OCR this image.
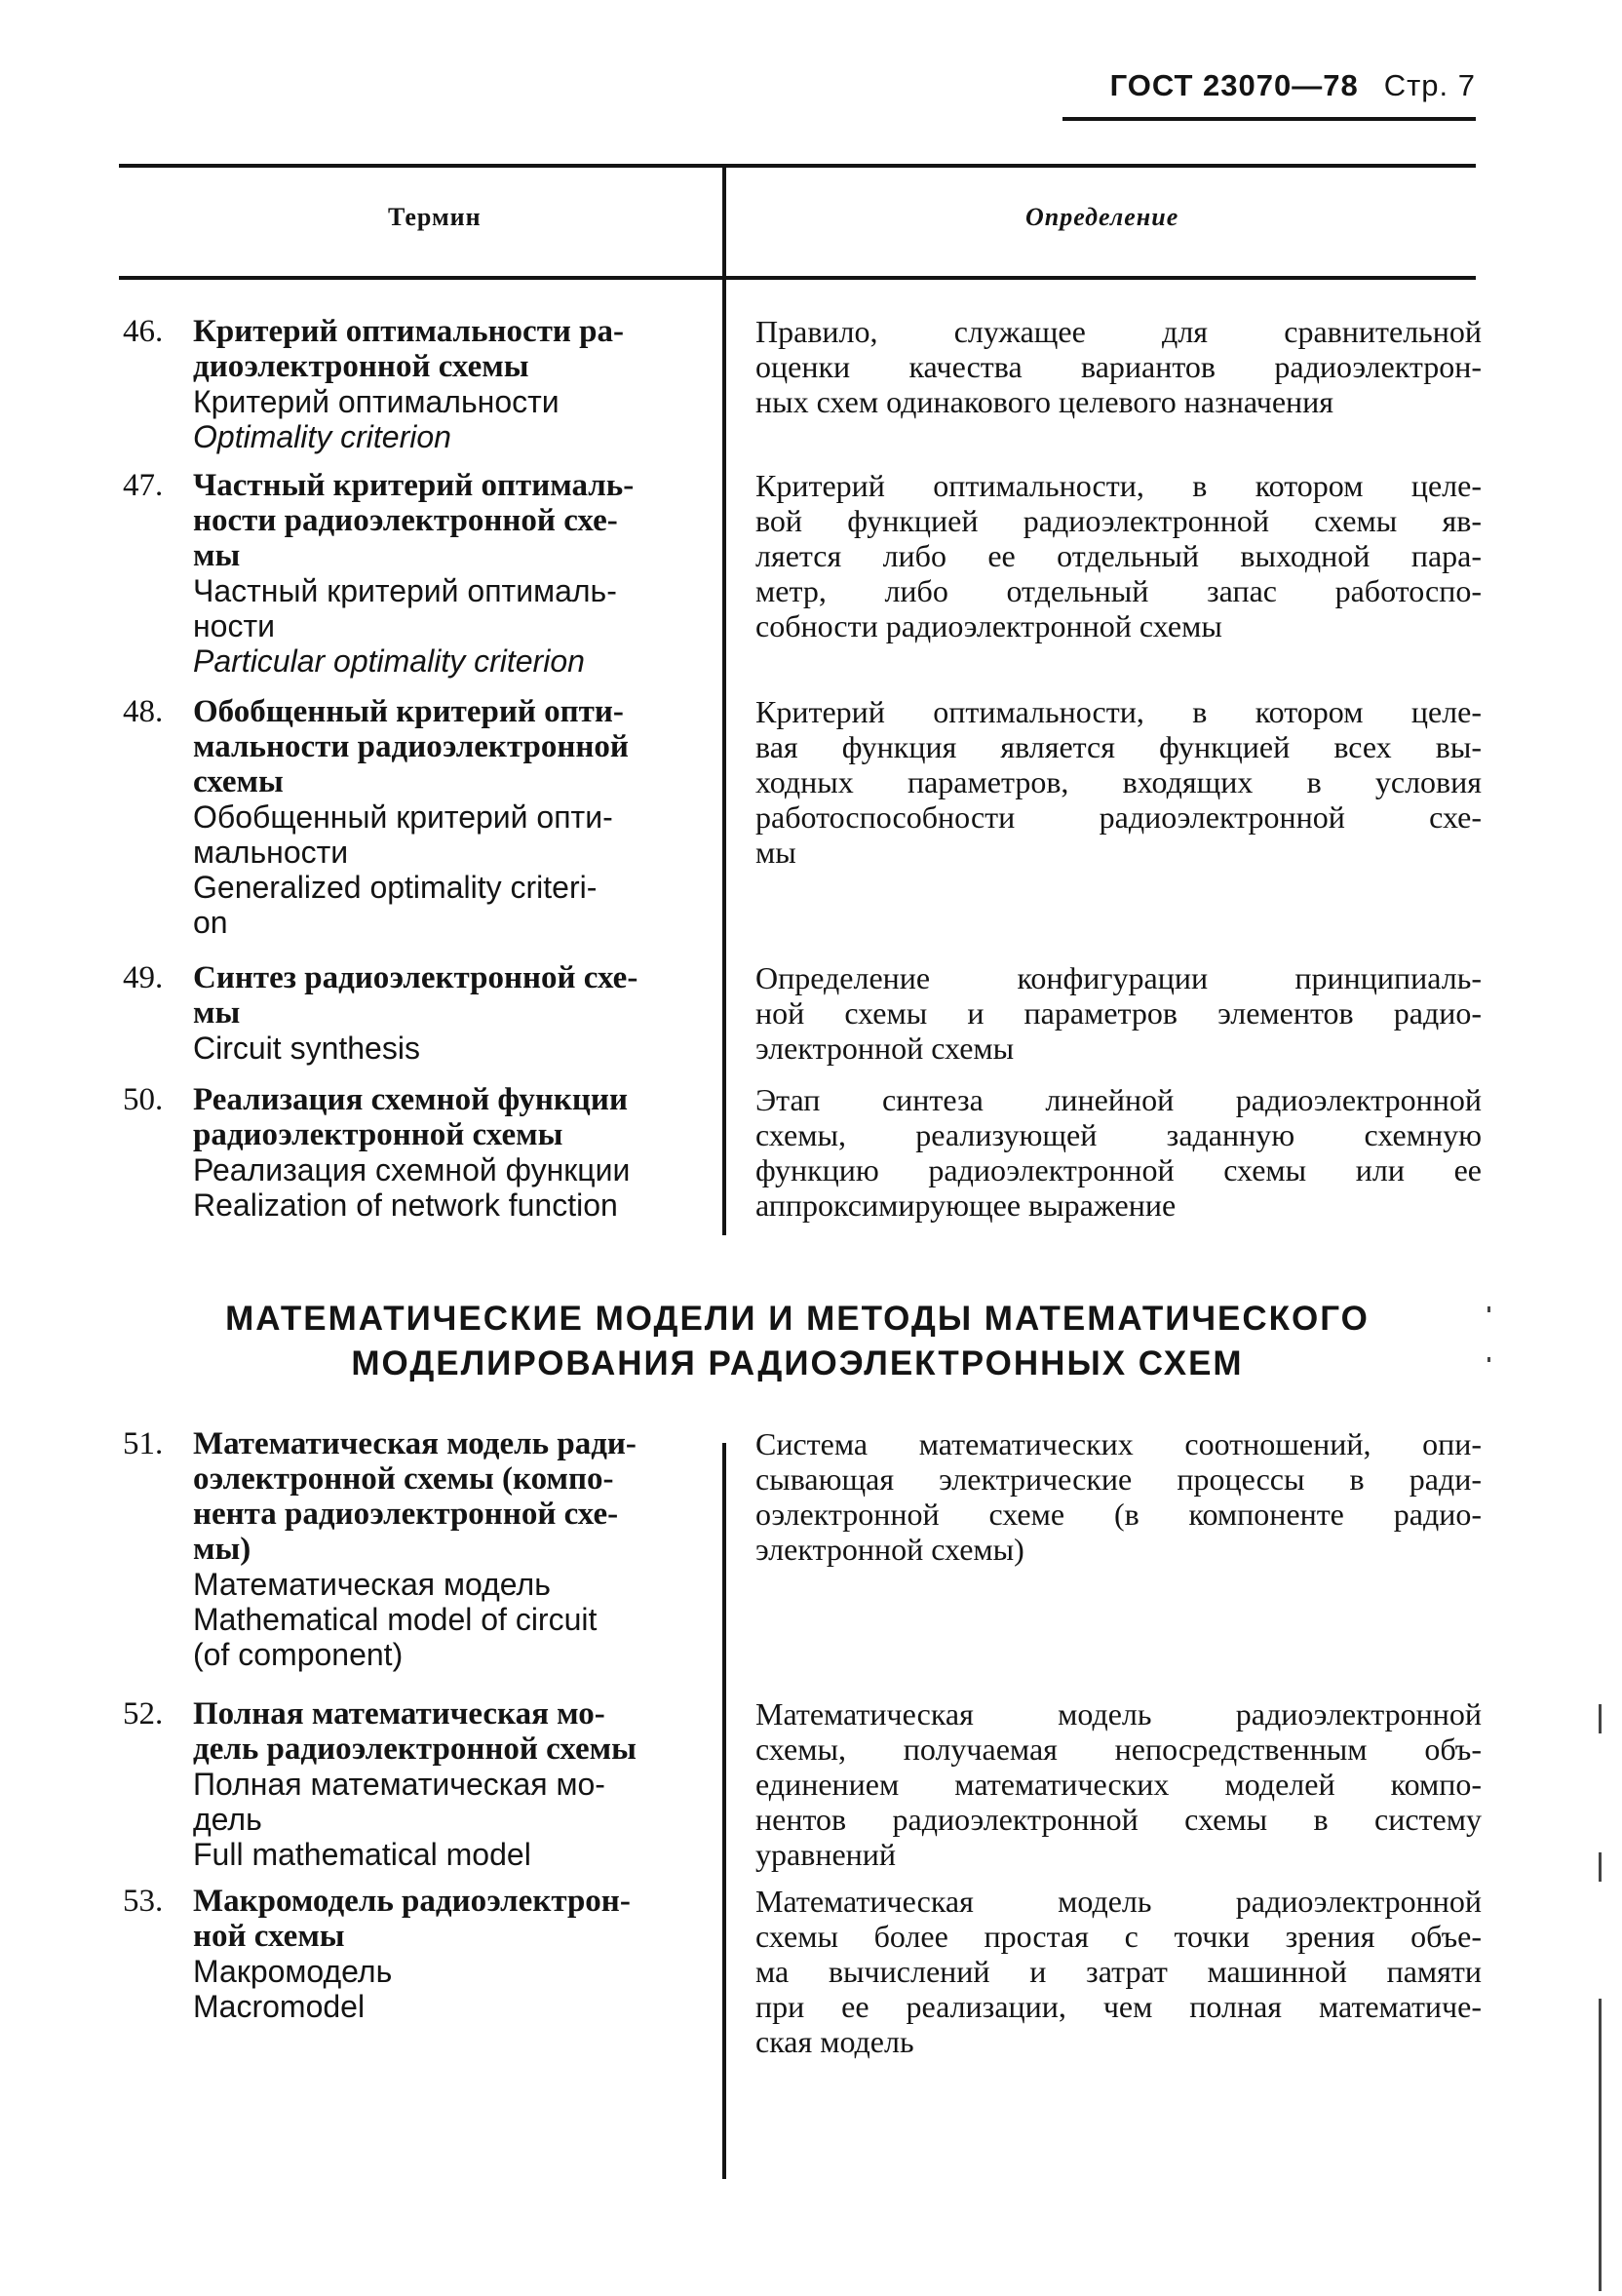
ГОСТ 23070—78 Стр. 7
Термин	Определение
МАТЕМАТИЧЕСКИЕ МОДЕЛИ И МЕТОДЫ МАТЕМАТИЧЕСКОГО
МОДЕЛИРОВАНИЯ РАДИОЭЛЕКТРОННЫХ СХЕМ
46. Критерий оптимальности ра-
диоэлектронной схемы
Критерий оптимальности
Optimality criterion
Правило, служащее для сравнительной
оценки качества вариантов радиоэлектрон-
ных схем одинакового целевого назначения
47. Частный критерий оптималь-
ности радиоэлектронной схе-
мы
Частный критерий оптималь-
ности
Particular optimality criterion
Критерий оптимальности, в котором целе-
вой функцией радиоэлектронной схемы яв-
ляется либо ее отдельный выходной пара-
метр, либо отдельный запас работоспо-
собности радиоэлектронной схемы
48. Обобщенный критерий опти-
мальности радиоэлектронной
схемы
Обобщенный критерий опти-
мальности
Generalized optimality criteri-
on
Критерий оптимальности, в котором целе-
вая функция является функцией всех вы-
ходных параметров, входящих в условия
работоспособности радиоэлектронной схе-
мы
49. Синтез радиоэлектронной схе-
мы
Circuit synthesis
Определение конфигурации принципиаль-
ной схемы и параметров элементов радио-
электронной схемы
50. Реализация схемной функции
радиоэлектронной схемы
Реализация схемной функции
Realization of network function
Этап синтеза линейной радиоэлектронной
схемы, реализующей заданную схемную
функцию радиоэлектронной схемы или ее
аппроксимирующее выражение
51. Математическая модель ради-
оэлектронной схемы (компо-
нента радиоэлектронной схе-
мы)
Математическая модель
Mathematical model of circuit
(of component)
Система математических соотношений, опи-
сывающая электрические процессы в ради-
оэлектронной схеме (в компоненте радио-
электронной схемы)
52. Полная математическая мо-
дель радиоэлектронной схемы
Полная математическая мо-
дель
Full mathematical model
Математическая модель радиоэлектронной
схемы, получаемая непосредственным объ-
единением математических моделей компо-
нентов радиоэлектронной схемы в систему
уравнений
53. Макромодель радиоэлектрон-
ной схемы
Макромодель
Macromodel
Математическая модель радиоэлектронной
схемы более простая с точки зрения объе-
ма вычислений и затрат машинной памяти
при ее реализации, чем полная математиче-
ская модель
